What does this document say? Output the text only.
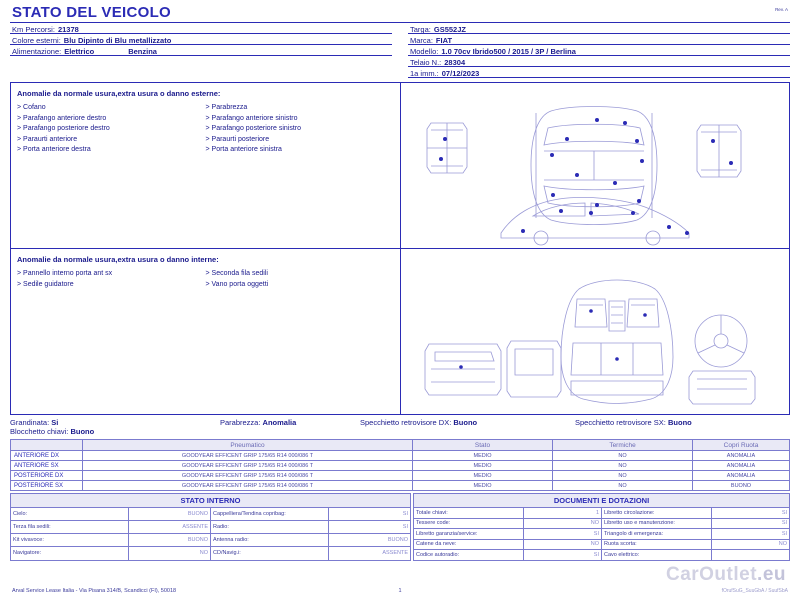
STATO DEL VEICOLO	Rev. A
Km Percorsi: 21378
Colore esterni: Blu Dipinto di Blu metallizzato
Alimentazione: Elettrico	Benzina

Targa: GS552JZ
Marca: FIAT
Modello: 1.0 70cv Ibrido500 / 2015 / 3P / Berlina
Telaio N.: 28304
1a imm.: 07/12/2023
Anomalie da normale usura,extra usura o danno esterne:
> Cofano
> Parafango anteriore destro
> Parafango posteriore destro
> Paraurti anteriore
> Porta anteriore destra
> Parabrezza
> Parafango anteriore sinistro
> Parafango posteriore sinistro
> Paraurti posteriore
> Porta anteriore sinistra
Anomalie da normale usura,extra usura o danno interne:
> Pannello interno porta ant sx
> Sedile guidatore
> Seconda fila sedili
> Vano porta oggetti
Grandinata: Si	Parabrezza: Anomalia	Specchietto retrovisore DX: Buono	Specchietto retrovisore SX: Buono
Blocchetto chiavi: Buono
	Pneumatico	Stato	Termiche	Copri Ruota
ANTERIORE DX	GOODYEAR EFFICENT GRIP 175/65 R14 000/086 T	MEDIO	NO	ANOMALIA
ANTERIORE SX	GOODYEAR EFFICENT GRIP 175/65 R14 000/086 T	MEDIO	NO	ANOMALIA
POSTERIORE DX	GOODYEAR EFFICENT GRIP 175/65 R14 000/086 T	MEDIO	NO	ANOMALIA
POSTERIORE SX	GOODYEAR EFFICENT GRIP 175/65 R14 000/086 T	MEDIO	NO	BUONO
STATO INTERNO			
Cielo:	BUONO	Cappelliera/Tendina copribag:	SI
Terza fila sedili:	ASSENTE	Radio:	SI
Kit vivavoce:	BUONO	Antenna radio:	BUONO
Navigatore:	NO	CD/Navig.i:	ASSENTE
DOCUMENTI E DOTAZIONI			
Totale chiavi:	1	Libretto circolazione:	SI
Tessere code:	NO	Libretto uso e manutenzione:	SI
Libretto garanzia/service:	SI	Triangolo di emergenza:	SI
Catene da neve:	NO	Ruota scorta:	NO
Codice autoradio:	SI	Cavo elettrico:	
Arval Service Lease Italia - Via Pisana 314/B, Scandicci (FI), 50018	1	fOrufSuG_SuuGbA / SuufSbA
CarOutlet.eu
